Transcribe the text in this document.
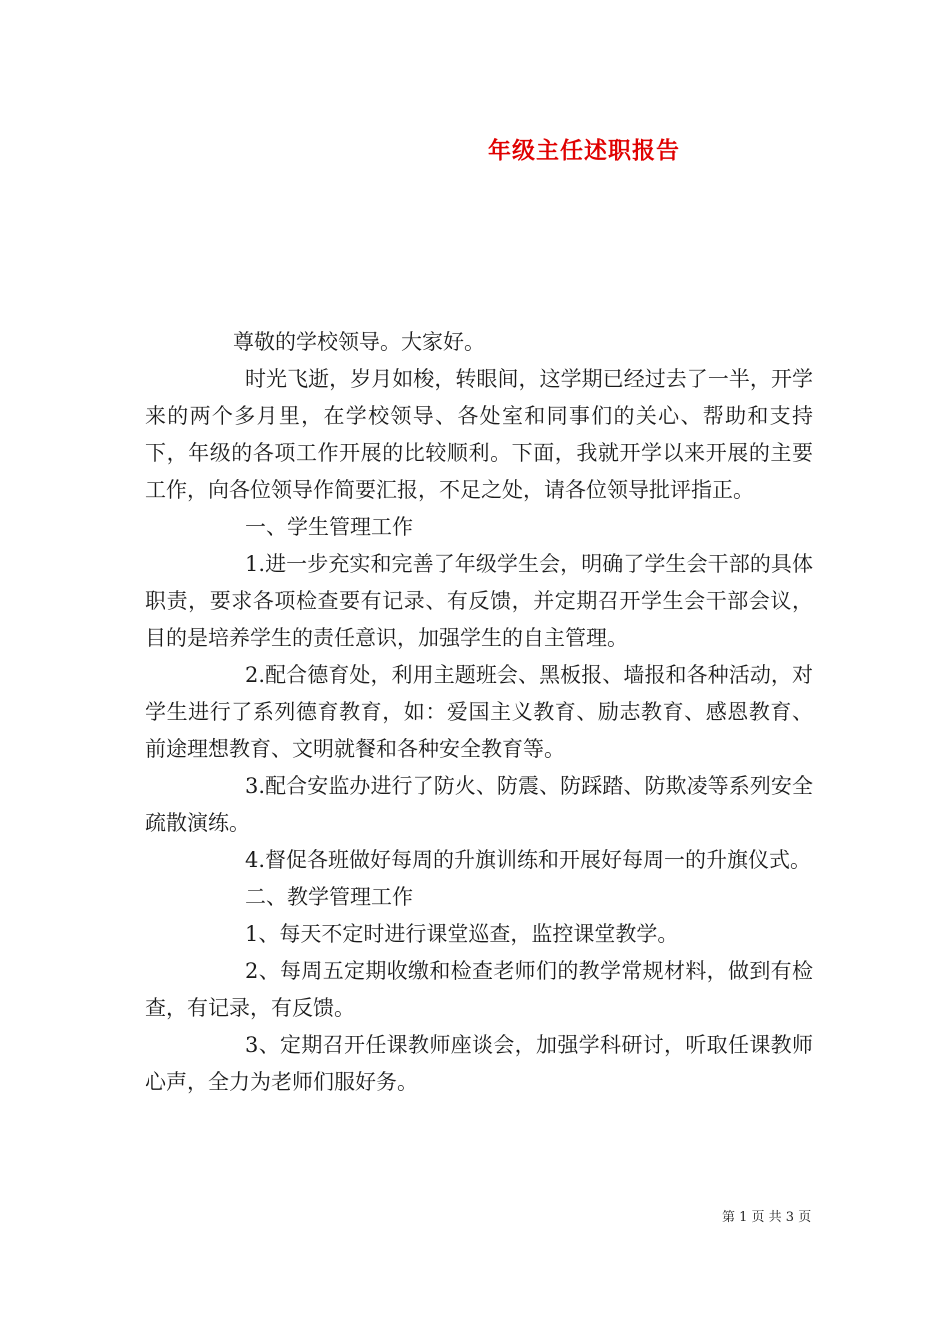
年级主任述职报告

尊敬的学校领导。大家好。

时光飞逝，岁月如梭，转眼间，这学期已经过去了一半，开学来的两个多月里，在学校领导、各处室和同事们的关心、帮助和支持下，年级的各项工作开展的比较顺利。下面，我就开学以来开展的主要工作，向各位领导作简要汇报，不足之处，请各位领导批评指正。

一、学生管理工作

1.进一步充实和完善了年级学生会，明确了学生会干部的具体职责，要求各项检查要有记录、有反馈，并定期召开学生会干部会议，目的是培养学生的责任意识，加强学生的自主管理。

2.配合德育处，利用主题班会、黑板报、墙报和各种活动，对学生进行了系列德育教育，如：爱国主义教育、励志教育、感恩教育、前途理想教育、文明就餐和各种安全教育等。

3.配合安监办进行了防火、防震、防踩踏、防欺凌等系列安全疏散演练。

4.督促各班做好每周的升旗训练和开展好每周一的升旗仪式。

二、教学管理工作

1、每天不定时进行课堂巡查，监控课堂教学。

2、每周五定期收缴和检查老师们的教学常规材料，做到有检查，有记录，有反馈。

3、定期召开任课教师座谈会，加强学科研讨，听取任课教师心声，全力为老师们服好务。

第 1 页 共 3 页
